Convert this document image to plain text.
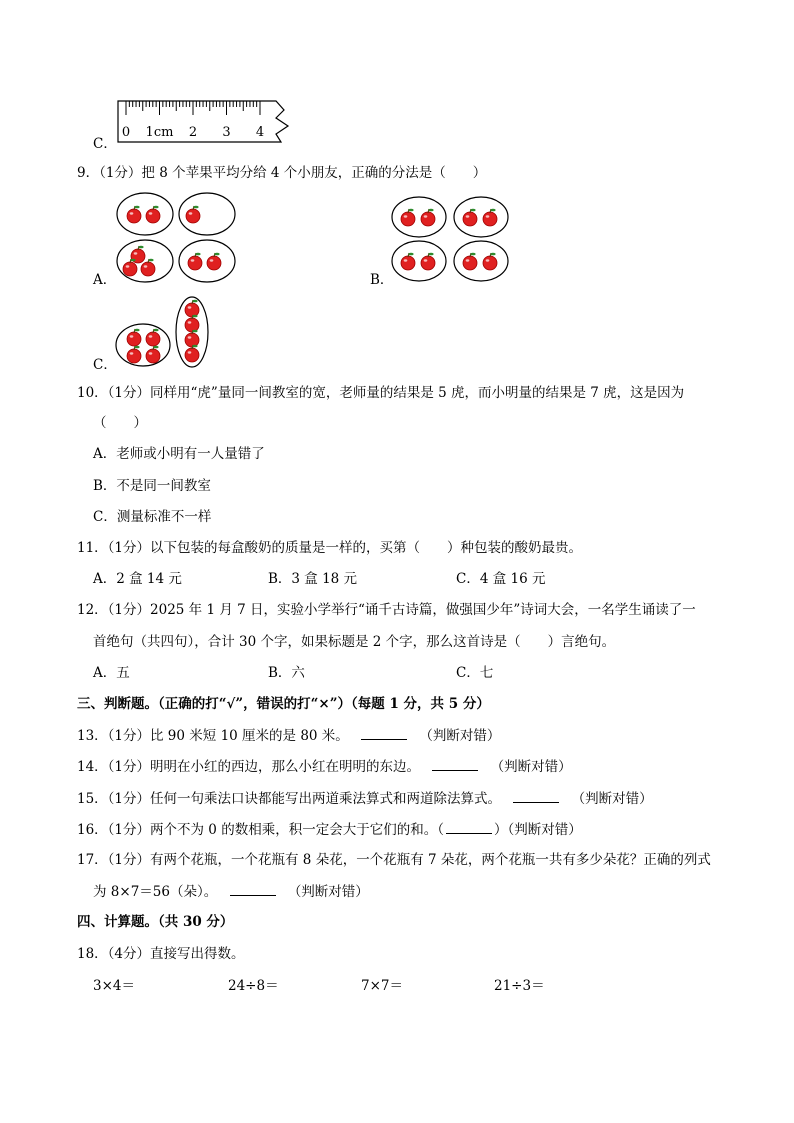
C．
0 1cm 2 3 4
9．（1分）把 8 个苹果平均分给 4 个小朋友，正确的分法是（　　）
A．	B．
C．
10．（1分）同样用“虎”量同一间教室的宽，老师量的结果是 5 虎，而小明量的结果是 7 虎，这是因为
（　　）
A．老师或小明有一人量错了
B．不是同一间教室
C．测量标准不一样
11．（1分）以下包装的每盒酸奶的质量是一样的，买第（　　）种包装的酸奶最贵。
A．2 盒 14 元	B．3 盒 18 元	C．4 盒 16 元
12．（1分）2025 年 1 月 7 日，实验小学举行“诵千古诗篇，做强国少年”诗词大会，一名学生诵读了一
首绝句（共四句），合计 30 个字，如果标题是 2 个字，那么这首诗是（　　）言绝句。
A．五	B．六	C．七
三、判断题。（正确的打“√”，错误的打“×”）（每题 1 分，共 5 分）
13．（1分）比 90 米短 10 厘米的是 80 米。	（判断对错）
14．（1分）明明在小红的西边，那么小红在明明的东边。	（判断对错）
15．（1分）任何一句乘法口诀都能写出两道乘法算式和两道除法算式。	（判断对错）
16．（1分）两个不为 0 的数相乘，积一定会大于它们的和。（	）（判断对错）
17．（1分）有两个花瓶，一个花瓶有 8 朵花，一个花瓶有 7 朵花，两个花瓶一共有多少朵花？正确的列式
为 8×7＝56（朵）。	（判断对错）
四、计算题。（共 30 分）
18．（4分）直接写出得数。
3×4＝	24÷8＝	7×7＝	21÷3＝
